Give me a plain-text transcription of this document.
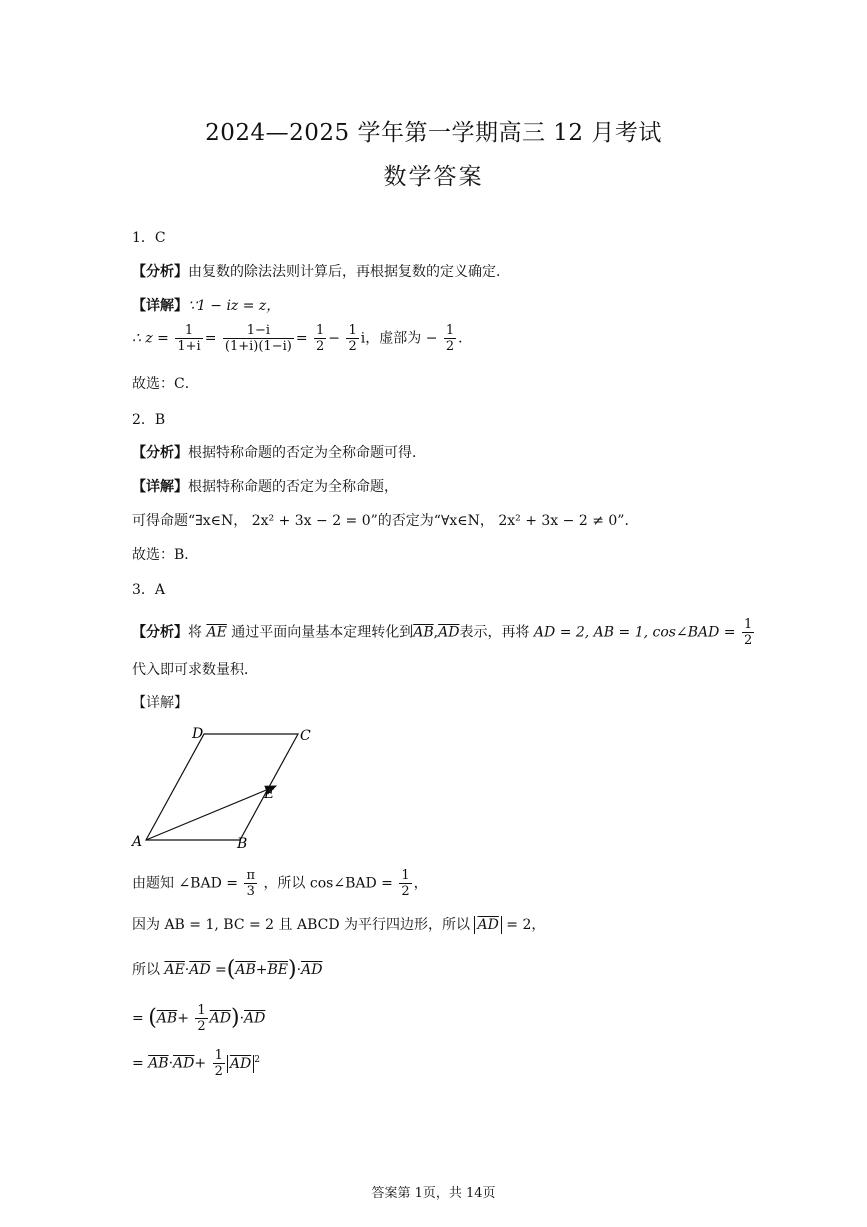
2024—2025 学年第一学期高三 12 月考试
数学答案
1．C
【分析】由复数的除法法则计算后，再根据复数的定义确定．
【详解】∵1 − iz = z，
∴ $z = \frac{1}{1+i} = \frac{1-i}{(1+i)(1-i)} = \frac{1}{2} - \frac{1}{2}$ i，虚部为 − $\frac{1}{2}$ ．
故选：C．
2．B
【分析】根据特称命题的否定为全称命题可得．
【详解】根据特称命题的否定为全称命题，
可得命题“∃x∈N， 2x² + 3x − 2 = 0”的否定为“∀x∈N， 2x² + 3x − 2 ≠ 0”．
故选：B．
3．A
【分析】将 $\overline{AE}$ 通过平面向量基本定理转化到$\overline{AB},\overline{AD}$表示，再将 AD = 2, AB = 1, cos∠BAD = $\frac{1}{2}$
代入即可求数量积．
【详解】
A	B
C
D
E
由题知 ∠BAD = $\frac{\pi}{3}$ ，所以 cos∠BAD = $\frac{1}{2}$ ，
因为 AB = 1, BC = 2 且 ABCD 为平行四边形，所以 $\overline{AD} = 2$，
所以 $\overline{AE}\cdot\overline{AD} =(\overline{AB}+\overline{BE})\cdot\overline{AD}$
= $(\overline{AB}+ \frac{1}{2} \overline{AD})\cdot\overline{AD}$
= $\overline{AB}\cdot\overline{AD}+ \frac{1}{2} \overline{AD}$ $^2$
答案第 1页，共 14页
